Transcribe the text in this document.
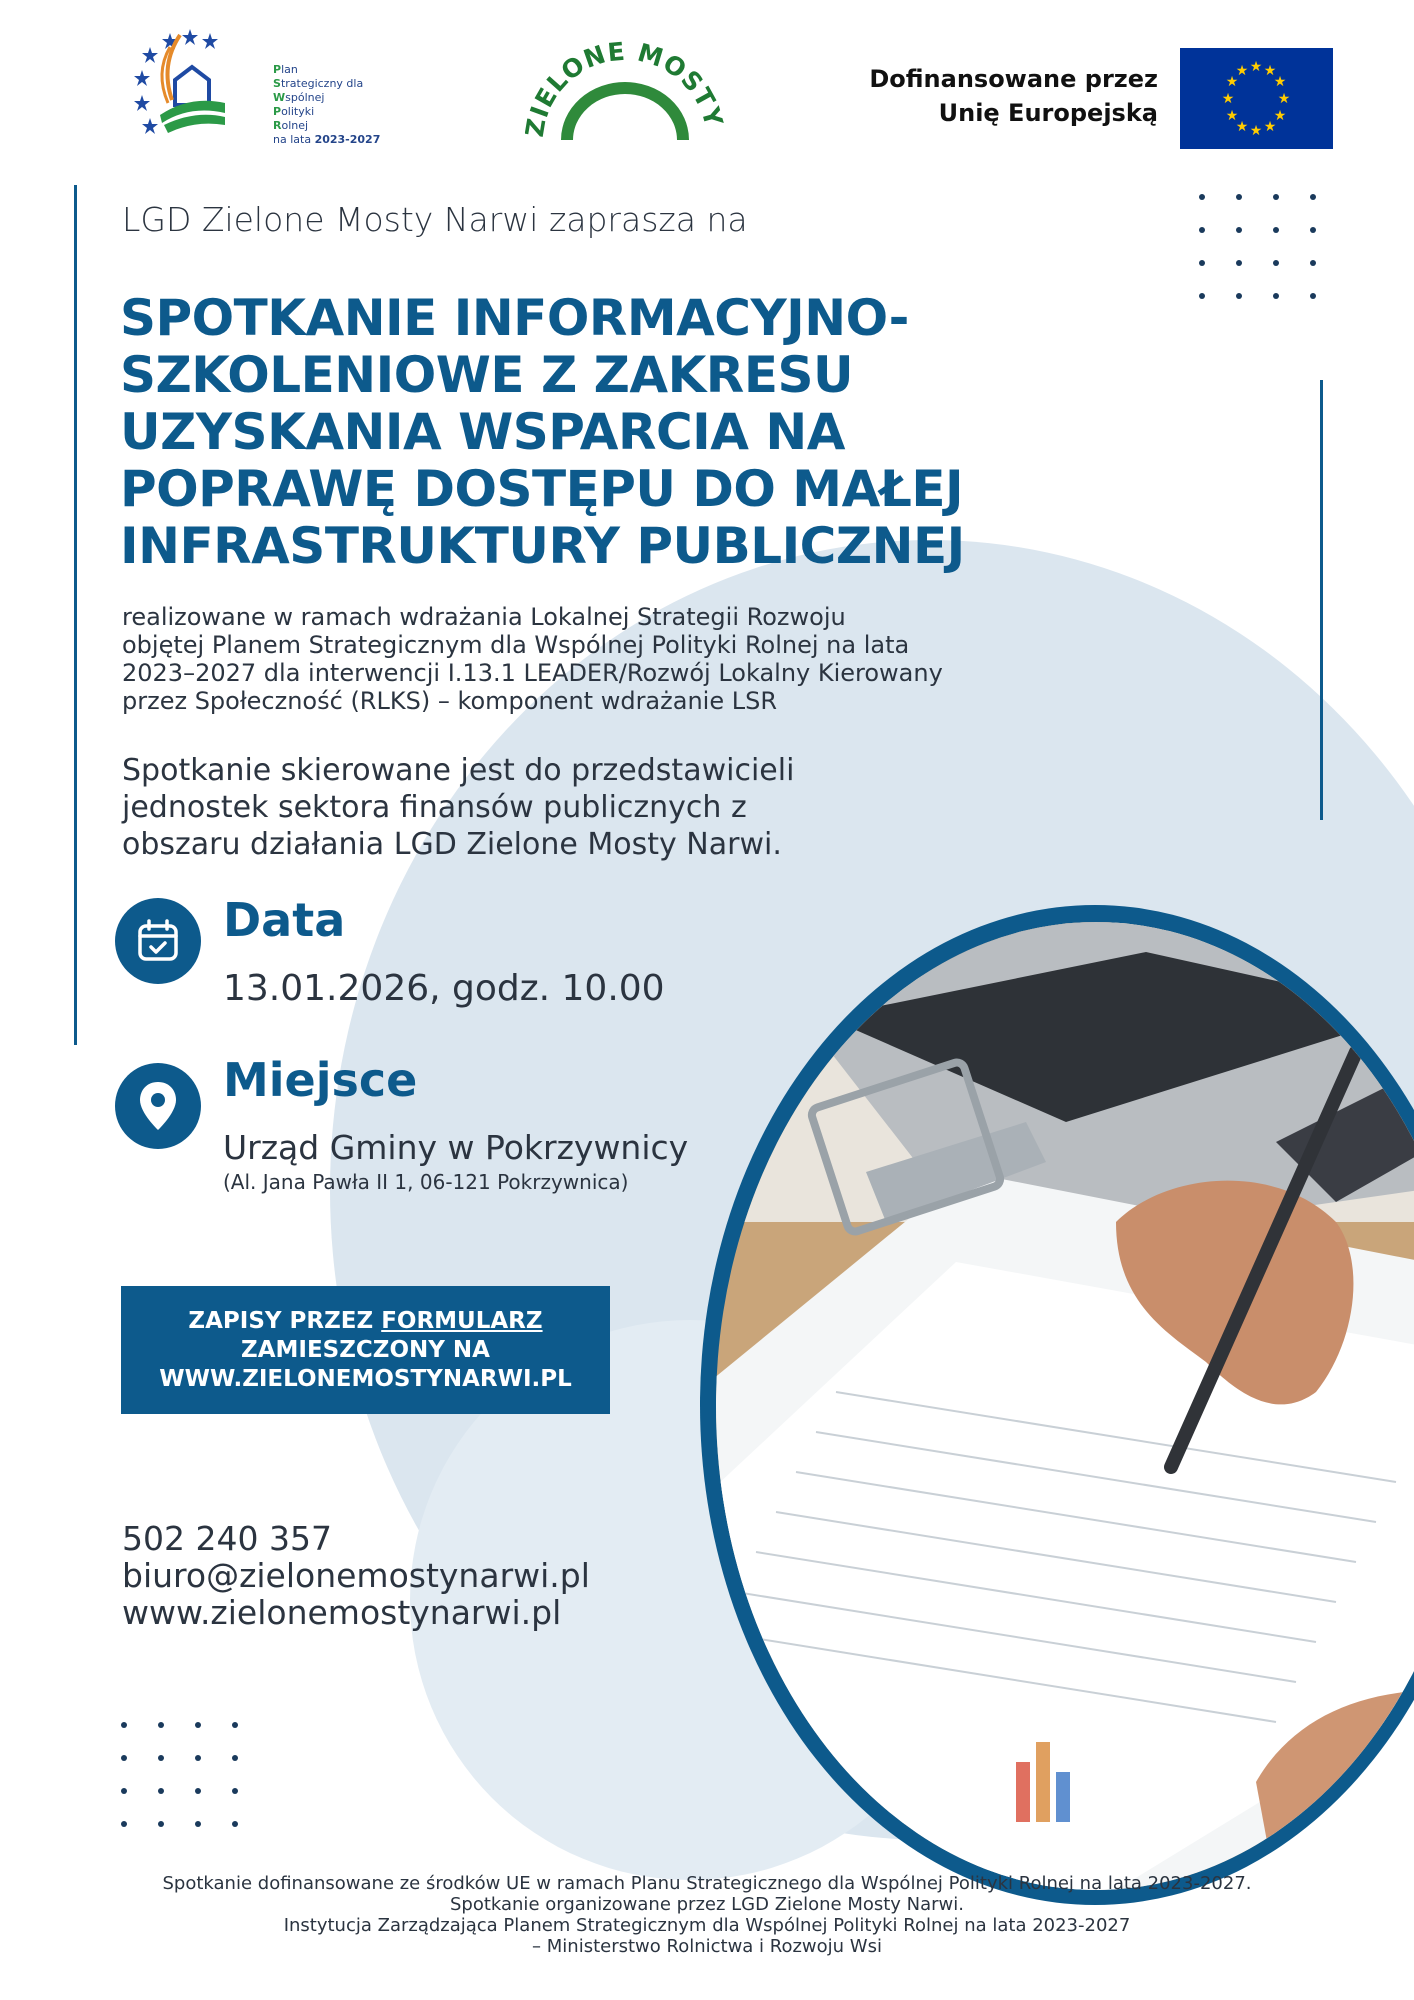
Plan
Strategiczny dla
Wspólnej
Polityki
Rolnej
na lata 2023-2027
IELONE MOST
Dofinansowane przez
Unię Europejską
★ ★
★
★
★
★
★
★
★
★
★
★
LGD Zielone Mosty Narwi zaprasza na
SPOTKANIE INFORMACYJNO-
SZKOLENIOWE Z ZAKRESU
UZYSKANIA WSPARCIA NA
POPRAWĘ DOSTĘPU DO MAŁEJ
INFRASTRUKTURY PUBLICZNEJ
realizowane w ramach wdrażania Lokalnej Strategii Rozwoju
objętej Planem Strategicznym dla Wspólnej Polityki Rolnej na lata
2023–2027 dla interwencji I.13.1 LEADER/Rozwój Lokalny Kierowany
przez Społeczność (RLKS) – komponent wdrażanie LSR
Spotkanie skierowane jest do przedstawicieli
jednostek sektora finansów publicznych z
obszaru działania LGD Zielone Mosty Narwi.
Data
13.01.2026, godz. 10.00
Miejsce
Urząd Gminy w Pokrzywnicy
(Al. Jana Pawła II 1, 06-121 Pokrzywnica)
ZAPISY PRZEZ FORMULARZ
ZAMIESZCZONY NA
WWW.ZIELONEMOSTYNARWI.PL
502 240 357
biuro@zielonemostynarwi.pl
www.zielonemostynarwi.pl
Spotkanie dofinansowane ze środków UE w ramach Planu Strategicznego dla Wspólnej Polityki Rolnej na lata 2023-2027.
Spotkanie organizowane przez LGD Zielone Mosty Narwi.
Instytucja Zarządzająca Planem Strategicznym dla Wspólnej Polityki Rolnej na lata 2023-2027
– Ministerstwo Rolnictwa i Rozwoju Wsi
